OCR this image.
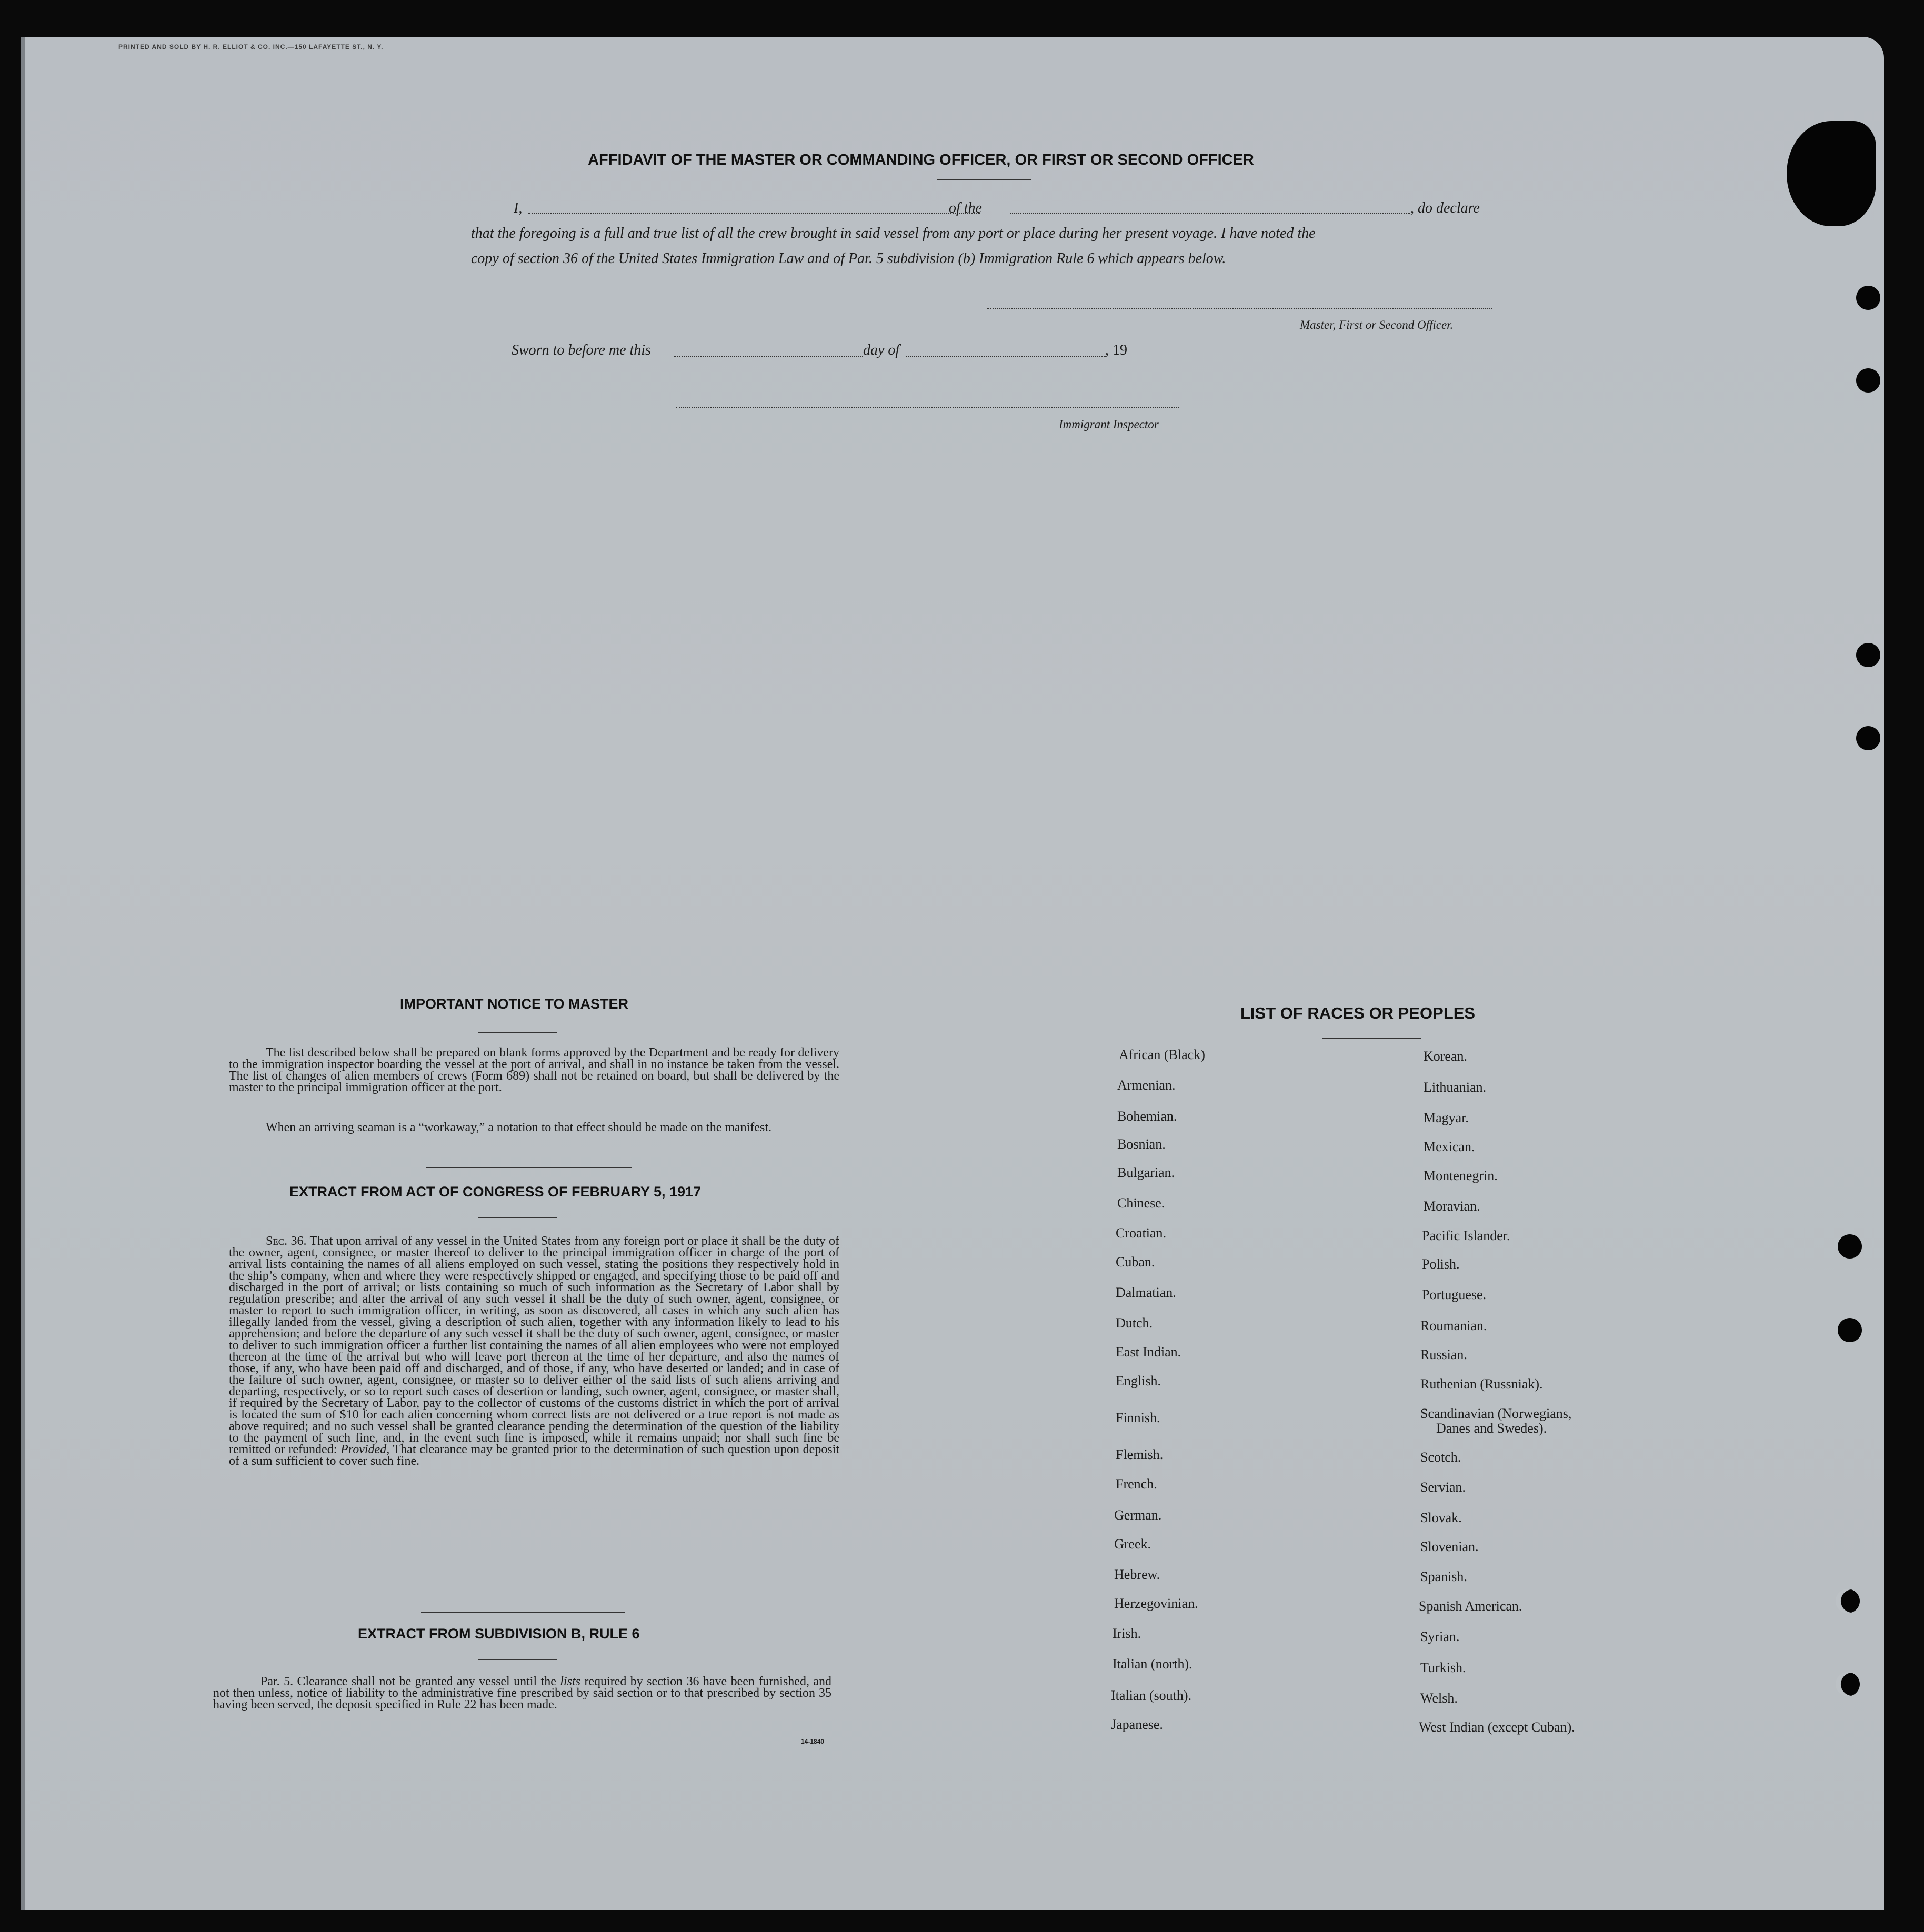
PRINTED AND SOLD BY H. R. ELLIOT & CO. INC.—150 LAFAYETTE ST., N. Y.
AFFIDAVIT OF THE MASTER OR COMMANDING OFFICER, OR FIRST OR SECOND OFFICER
I,	of the	, do declare
that the foregoing is a full and true list of all the crew brought in said vessel from any port or place during her present voyage. I have noted the
copy of section 36 of the United States Immigration Law and of Par. 5 subdivision (b) Immigration Rule 6 which appears below.
Master, First or Second Officer.
Sworn to before me this	day of	, 19
Immigrant Inspector
IMPORTANT NOTICE TO MASTER
The list described below shall be prepared on blank forms approved by the Department and be ready for delivery to the immigration inspector boarding the vessel at the port of arrival, and shall in no instance be taken from the vessel. The list of changes of alien members of crews (Form 689) shall not be retained on board, but shall be delivered by the master to the principal immigration officer at the port.
When an arriving seaman is a “workaway,” a notation to that effect should be made on the manifest.
EXTRACT FROM ACT OF CONGRESS OF FEBRUARY 5, 1917
Sec. 36. That upon arrival of any vessel in the United States from any foreign port or place it shall be the duty of the owner, agent, consignee, or master thereof to deliver to the principal immigration officer in charge of the port of arrival lists containing the names of all aliens employed on such vessel, stating the positions they respectively hold in the ship’s company, when and where they were respectively shipped or engaged, and specifying those to be paid off and discharged in the port of arrival; or lists containing so much of such information as the Secretary of Labor shall by regulation prescribe; and after the arrival of any such vessel it shall be the duty of such owner, agent, consignee, or master to report to such immigration officer, in writing, as soon as discovered, all cases in which any such alien has illegally landed from the vessel, giving a description of such alien, together with any information likely to lead to his apprehension; and before the departure of any such vessel it shall be the duty of such owner, agent, consignee, or master to deliver to such immigration officer a further list containing the names of all alien employees who were not employed thereon at the time of the arrival but who will leave port thereon at the time of her departure, and also the names of those, if any, who have been paid off and discharged, and of those, if any, who have deserted or landed; and in case of the failure of such owner, agent, consignee, or master so to deliver either of the said lists of such aliens arriving and departing, respectively, or so to report such cases of desertion or landing, such owner, agent, consignee, or master shall, if required by the Secretary of Labor, pay to the collector of customs of the customs district in which the port of arrival is located the sum of $10 for each alien concerning whom correct lists are not delivered or a true report is not made as above required; and no such vessel shall be granted clearance pending the determination of the question of the liability to the payment of such fine, and, in the event such fine is imposed, while it remains unpaid; nor shall such fine be remitted or refunded: Provided, That clearance may be granted prior to the determination of such question upon deposit of a sum sufficient to cover such fine.
EXTRACT FROM SUBDIVISION B, RULE 6
Par. 5. Clearance shall not be granted any vessel until the lists required by section 36 have been furnished, and not then unless, notice of liability to the administrative fine prescribed by said section or to that prescribed by section 35 having been served, the deposit specified in Rule 22 has been made.
14-1840
LIST OF RACES OR PEOPLES
African (Black)
Armenian.
Bohemian.
Bosnian.
Bulgarian.
Chinese.
Croatian.
Cuban.
Dalmatian.
Dutch.
East Indian.
English.
Finnish.
Flemish.
French.
German.
Greek.
Hebrew.
Herzegovinian.
Irish.
Italian (north).
Italian (south).
Japanese.
Korean.
Lithuanian.
Magyar.
Mexican.
Montenegrin.
Moravian.
Pacific Islander.
Polish.
Portuguese.
Roumanian.
Russian.
Ruthenian (Russniak).
Scandinavian (Norwegians,
Danes and Swedes).
Scotch.
Servian.
Slovak.
Slovenian.
Spanish.
Spanish American.
Syrian.
Turkish.
Welsh.
West Indian (except Cuban).
